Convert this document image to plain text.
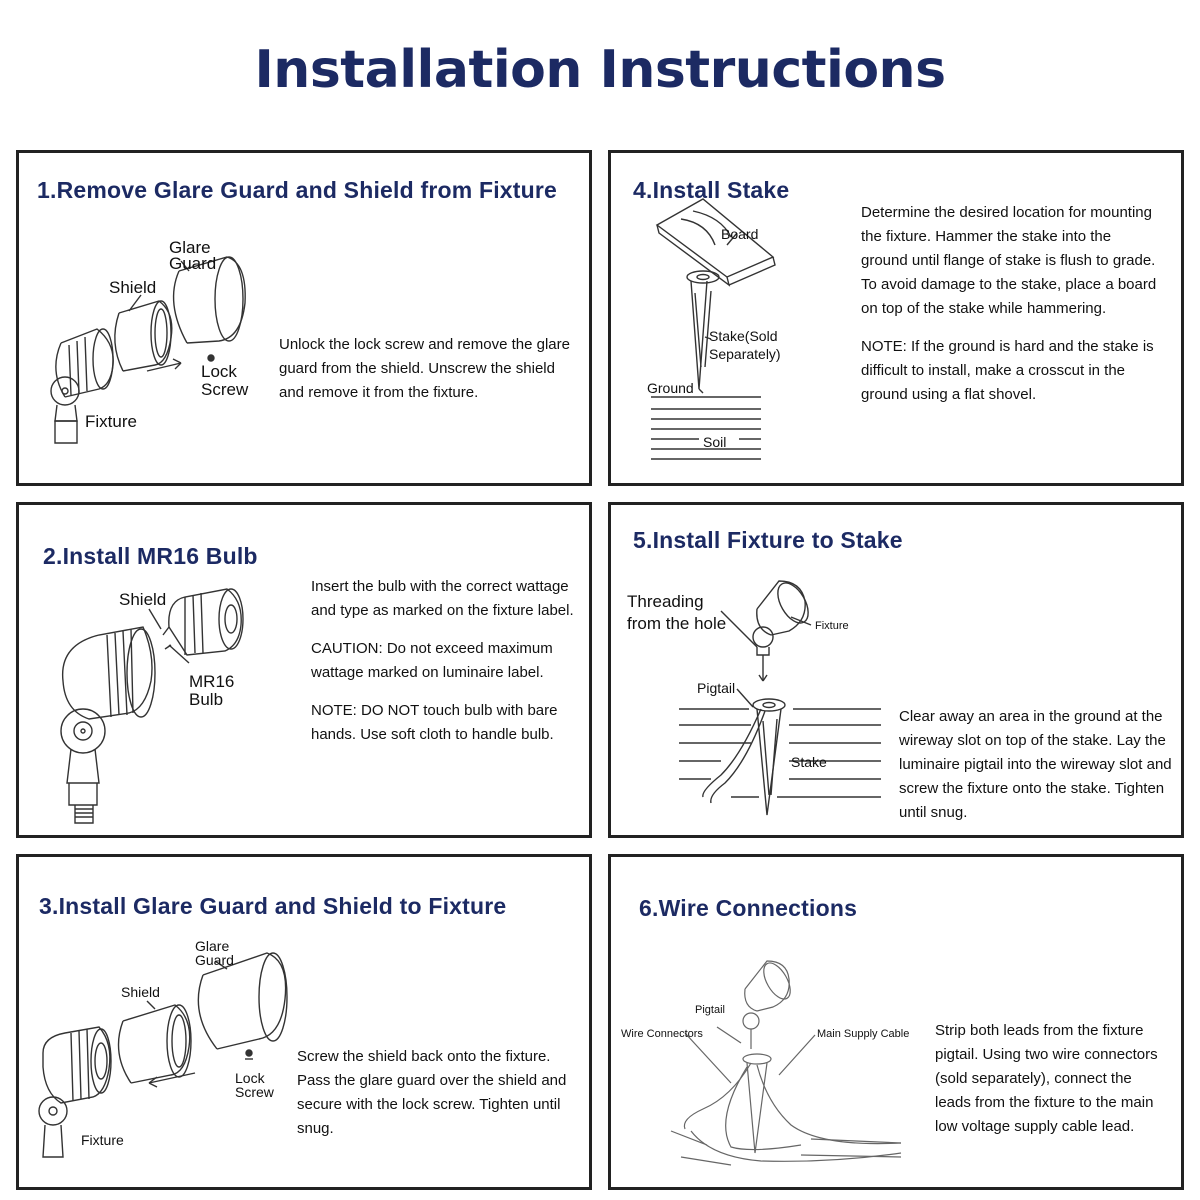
Installation Instructions
1.Remove Glare Guard and Shield from Fixture
Glare
Guard
Shield
Lock
Screw
Fixture

Unlock the lock screw and remove the glare guard from the shield. Unscrew the shield and remove it from the fixture.

4.Install Stake
Board
Stake(Sold
Separately)
Ground
Soil

Determine the desired location for mounting the fixture. Hammer the stake into the ground until flange of stake is flush to grade. To avoid damage to the stake, place a board on top of the stake while hammering.

NOTE: If the ground is hard and the stake is difficult to install, make a crosscut in the ground using a flat shovel.

2.Install MR16 Bulb
Shield
MR16
Bulb

Insert the bulb with the correct wattage and type as marked on the fixture label.

CAUTION: Do not exceed maximum wattage marked on luminaire label.

NOTE: DO NOT touch bulb with bare hands. Use soft cloth to handle bulb.

5.Install Fixture to Stake
Threading
from the hole	Fixture
Pigtail
Stake

Clear away an area in the ground at the wireway slot on top of the stake. Lay the luminaire pigtail into the wireway slot and screw the fixture onto the stake. Tighten until snug.

3.Install Glare Guard and Shield to Fixture
Glare
Guard
Shield
Lock
Screw
Fixture

Screw the shield back onto the fixture. Pass the glare guard over the shield and secure with the lock screw. Tighten until snug.

6.Wire Connections
Pigtail
Wire Connectors	Main Supply Cable Strip both leads from the fixture pigtail. Using two wire connectors (sold separately), connect the leads from the fixture to the main low voltage supply cable lead.
